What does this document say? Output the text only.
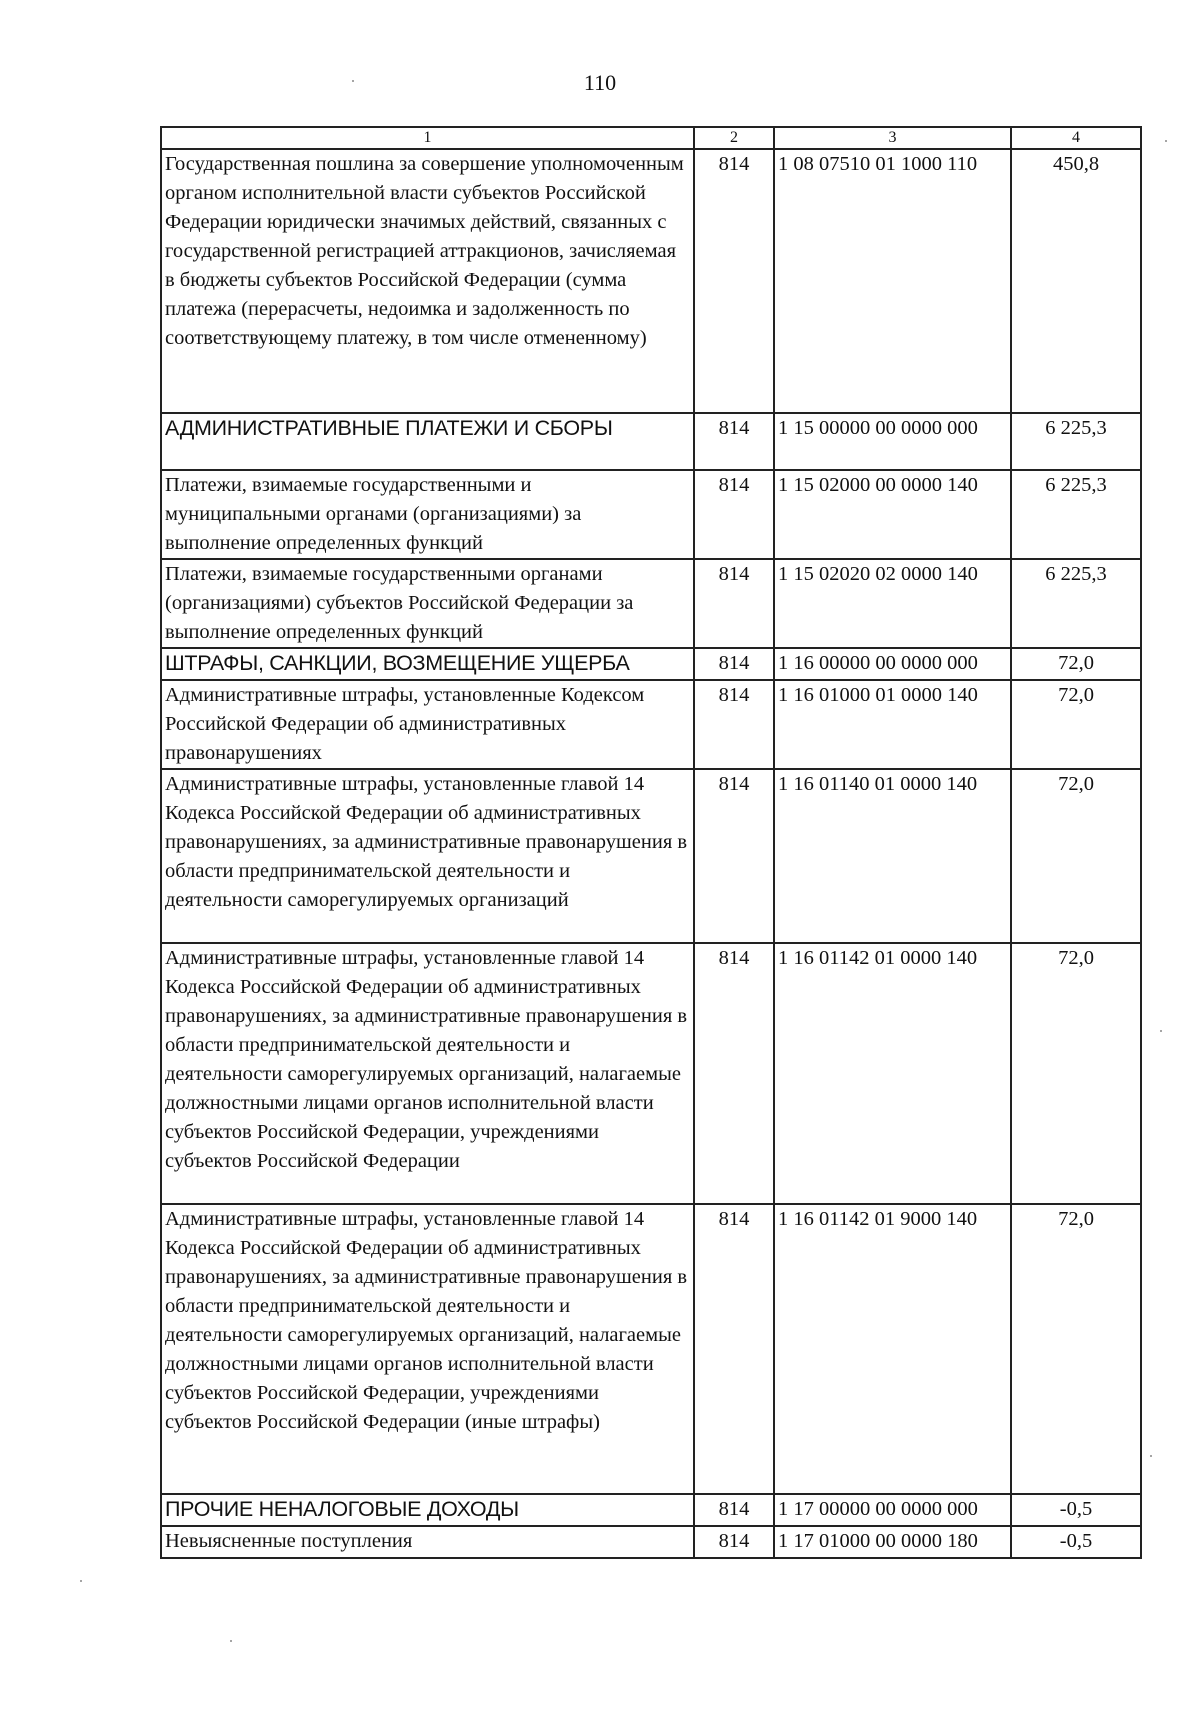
110
1	2	3	4
Государственная пошлина за совершение уполномоченным органом исполнительной власти субъектов Российской Федерации юридически значимых действий, связанных с государственной регистрацией аттракционов, зачисляемая в бюджеты субъектов Российской Федерации (сумма платежа (перерасчеты, недоимка и задолженность по соответствующему платежу, в том числе отмененному)	814	1 08 07510 01 1000 110	450,8
АДМИНИСТРАТИВНЫЕ ПЛАТЕЖИ И СБОРЫ	814	1 15 00000 00 0000 000	6 225,3
Платежи, взимаемые государственными и муниципальными органами (организациями) за выполнение определенных функций	814	1 15 02000 00 0000 140	6 225,3
Платежи, взимаемые государственными органами (организациями) субъектов Российской Федерации за выполнение определенных функций	814	1 15 02020 02 0000 140	6 225,3
ШТРАФЫ, САНКЦИИ, ВОЗМЕЩЕНИЕ УЩЕРБА	814	1 16 00000 00 0000 000	72,0
Административные штрафы, установленные Кодексом Российской Федерации об административных правонарушениях	814	1 16 01000 01 0000 140	72,0
Административные штрафы, установленные главой 14 Кодекса Российской Федерации об административных правонарушениях, за административные правонарушения в области предпринимательской деятельности и деятельности саморегулируемых организаций	814	1 16 01140 01 0000 140	72,0
Административные штрафы, установленные главой 14 Кодекса Российской Федерации об административных правонарушениях, за административные правонарушения в области предпринимательской деятельности и деятельности саморегулируемых организаций, налагаемые должностными лицами органов исполнительной власти субъектов Российской Федерации, учреждениями субъектов Российской Федерации	814	1 16 01142 01 0000 140	72,0
Административные штрафы, установленные главой 14 Кодекса Российской Федерации об административных правонарушениях, за административные правонарушения в области предпринимательской деятельности и деятельности саморегулируемых организаций, налагаемые должностными лицами органов исполнительной власти субъектов Российской Федерации, учреждениями субъектов Российской Федерации (иные штрафы)	814	1 16 01142 01 9000 140	72,0
ПРОЧИЕ НЕНАЛОГОВЫЕ ДОХОДЫ	814	1 17 00000 00 0000 000	-0,5
Невыясненные поступления	814	1 17 01000 00 0000 180	-0,5
